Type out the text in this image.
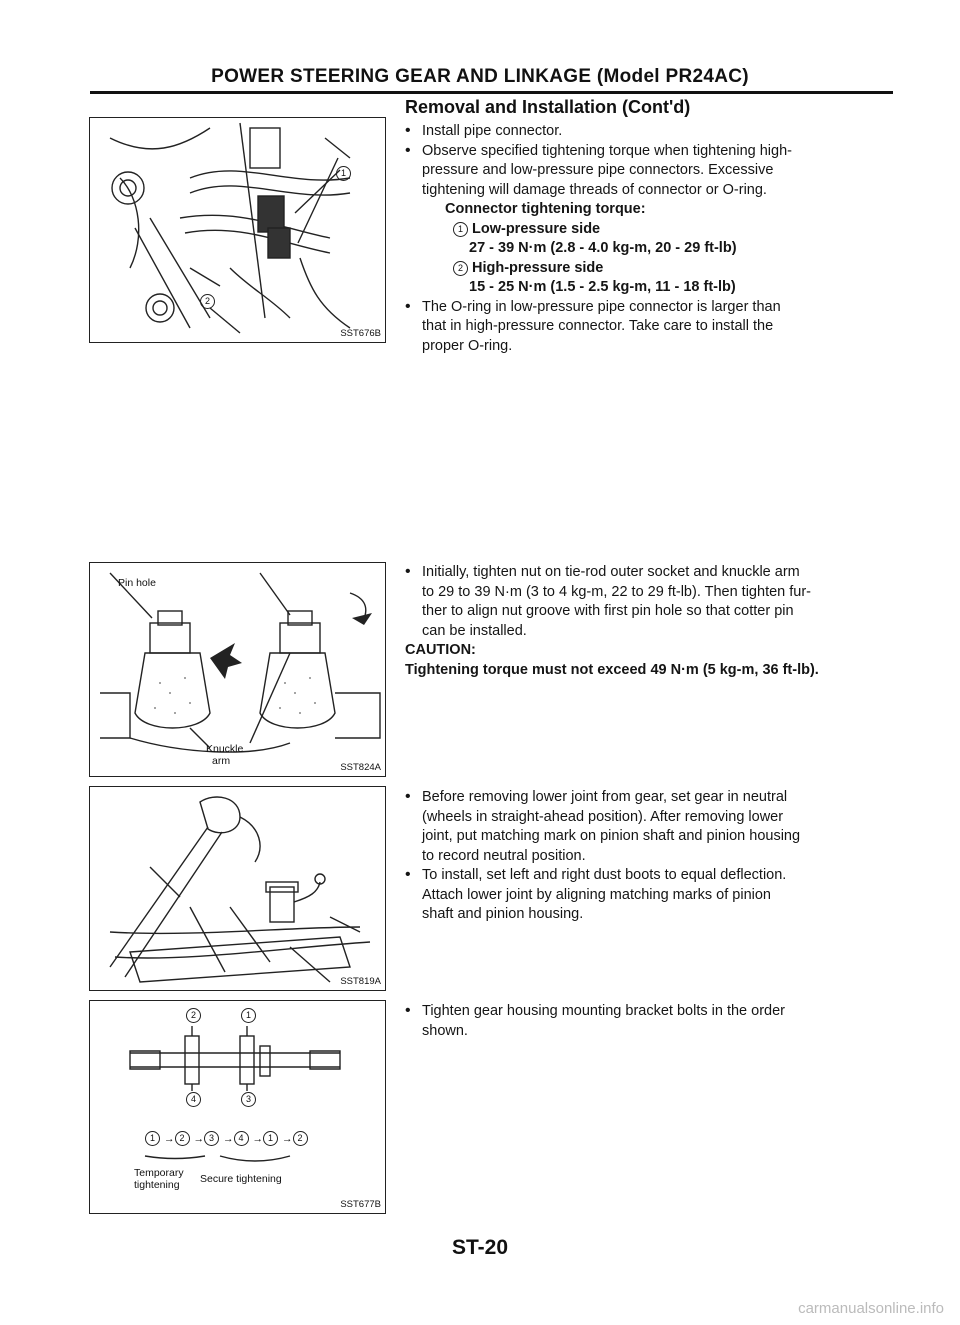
POWER STEERING GEAR AND LINKAGE (Model PR24AC)
Removal and Installation (Cont'd)
1
2
SST676B
• Install pipe connector.
• Observe specified tightening torque when tightening high-
pressure and low-pressure pipe connectors. Excessive
tightening will damage threads of connector or O-ring.
Connector tightening torque:
1 Low-pressure side
27 - 39 N·m (2.8 - 4.0 kg-m, 20 - 29 ft-lb)
2 High-pressure side
15 - 25 N·m (1.5 - 2.5 kg-m, 11 - 18 ft-lb)
• The O-ring in low-pressure pipe connector is larger than
that in high-pressure connector. Take care to install the
proper O-ring.
Pin hole
Knuckle
arm
SST824A
• Initially, tighten nut on tie-rod outer socket and knuckle arm
to 29 to 39 N·m (3 to 4 kg-m, 22 to 29 ft-lb). Then tighten fur-
ther to align nut groove with first pin hole so that cotter pin
can be installed.
CAUTION:
Tightening torque must not exceed 49 N·m (5 kg-m, 36 ft-lb).
SST819A
• Before removing lower joint from gear, set gear in neutral
(wheels in straight-ahead position). After removing lower
joint, put matching mark on pinion shaft and pinion housing
to record neutral position.
• To install, set left and right dust boots to equal deflection.
Attach lower joint by aligning matching marks of pinion
shaft and pinion housing.
2	1
4	3
1 → 2 → 3 → 4 → 1 → 2
Temporary
tightening Secure tightening
SST677B
• Tighten gear housing mounting bracket bolts in the order
shown.
ST-20
carmanualsonline.info
